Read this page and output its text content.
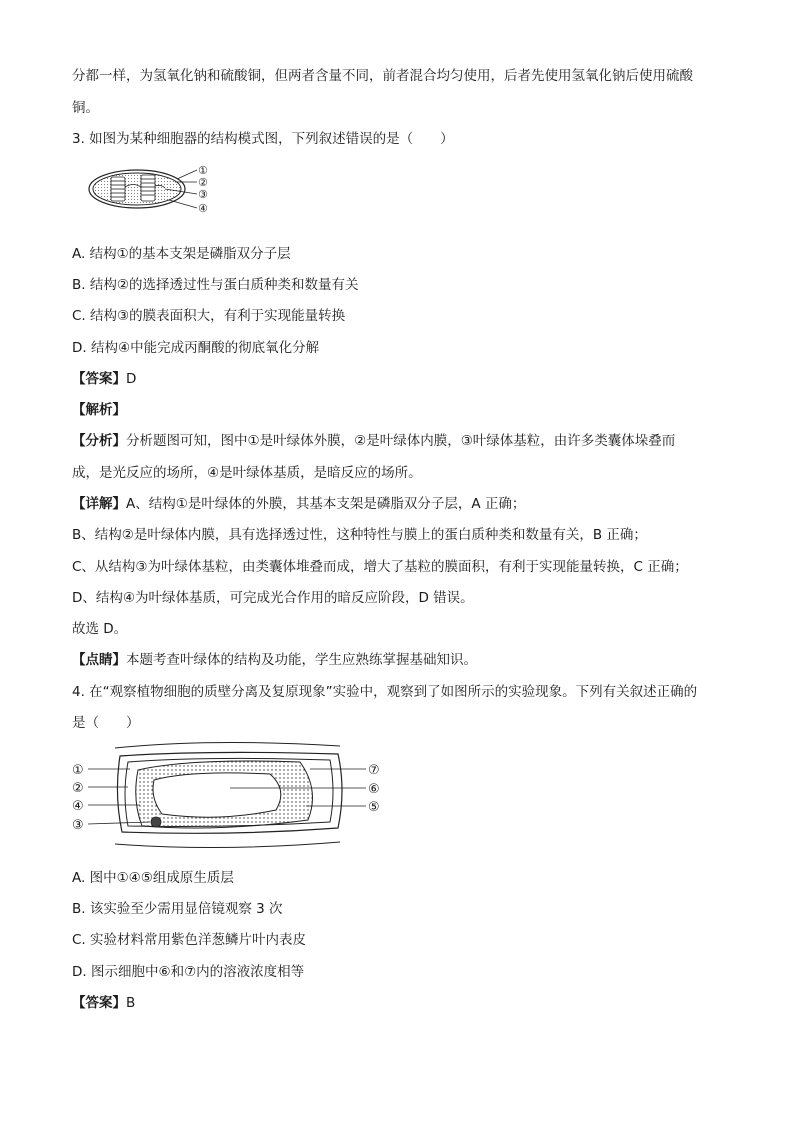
分都一样，为氢氧化钠和硫酸铜，但两者含量不同，前者混合均匀使用，后者先使用氢氧化钠后使用硫酸
铜。
3. 如图为某种细胞器的结构模式图，下列叙述错误的是（　　）
①
②
③
④
A. 结构①的基本支架是磷脂双分子层
B. 结构②的选择透过性与蛋白质种类和数量有关
C. 结构③的膜表面积大，有利于实现能量转换
D. 结构④中能完成丙酮酸的彻底氧化分解
【答案】D
【解析】
【分析】分析题图可知，图中①是叶绿体外膜，②是叶绿体内膜，③叶绿体基粒，由许多类囊体垛叠而
成，是光反应的场所，④是叶绿体基质，是暗反应的场所。
【详解】A、结构①是叶绿体的外膜，其基本支架是磷脂双分子层，A 正确；
B、结构②是叶绿体内膜，具有选择透过性，这种特性与膜上的蛋白质种类和数量有关，B 正确；
C、从结构③为叶绿体基粒，由类囊体堆叠而成，增大了基粒的膜面积，有利于实现能量转换，C 正确；
D、结构④为叶绿体基质，可完成光合作用的暗反应阶段，D 错误。
故选 D。
【点睛】本题考查叶绿体的结构及功能，学生应熟练掌握基础知识。
4. 在“观察植物细胞的质壁分离及复原现象”实验中，观察到了如图所示的实验现象。下列有关叙述正确的
是（　　）
①
②
④
③
⑦
⑥
⑤
A. 图中①④⑤组成原生质层
B. 该实验至少需用显倍镜观察 3 次
C. 实验材料常用紫色洋葱鳞片叶内表皮
D. 图示细胞中⑥和⑦内的溶液浓度相等
【答案】B
